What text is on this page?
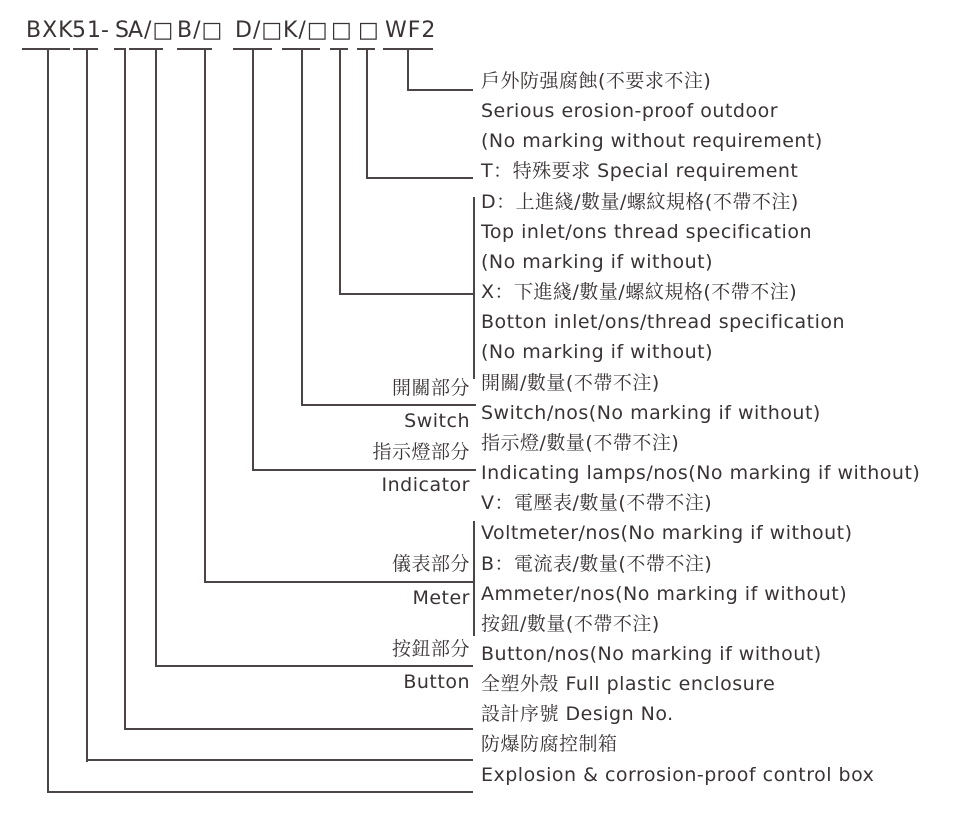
BXK
51 - S
A/□ B/□ D/□ K/□ □ □ WF2
戶外防强腐蝕(不要求不注)
Serious erosion-proof outdoor
(No marking without requirement)
T：特殊要求 Special requirement
D：上進綫/數量/螺紋規格(不帶不注)
Top inlet/ons thread specification
(No marking if without)
X：下進綫/數量/螺紋規格(不帶不注)
Botton inlet/ons/thread specification
(No marking if without)
開關/數量(不帶不注)
Switch/nos(No marking if without)
指示燈/數量(不帶不注)
Indicating lamps/nos(No marking if without)
V：電壓表/數量(不帶不注)
Voltmeter/nos(No marking if without)
B：電流表/數量(不帶不注)
Ammeter/nos(No marking if without)
按鈕/數量(不帶不注)
Button/nos(No marking if without)
全塑外殼 Full plastic enclosure
設計序號 Design No.
防爆防腐控制箱
Explosion & corrosion-proof control box
開關部分
Switch
指示燈部分
Indicator
儀表部分
Meter
按鈕部分
Button
